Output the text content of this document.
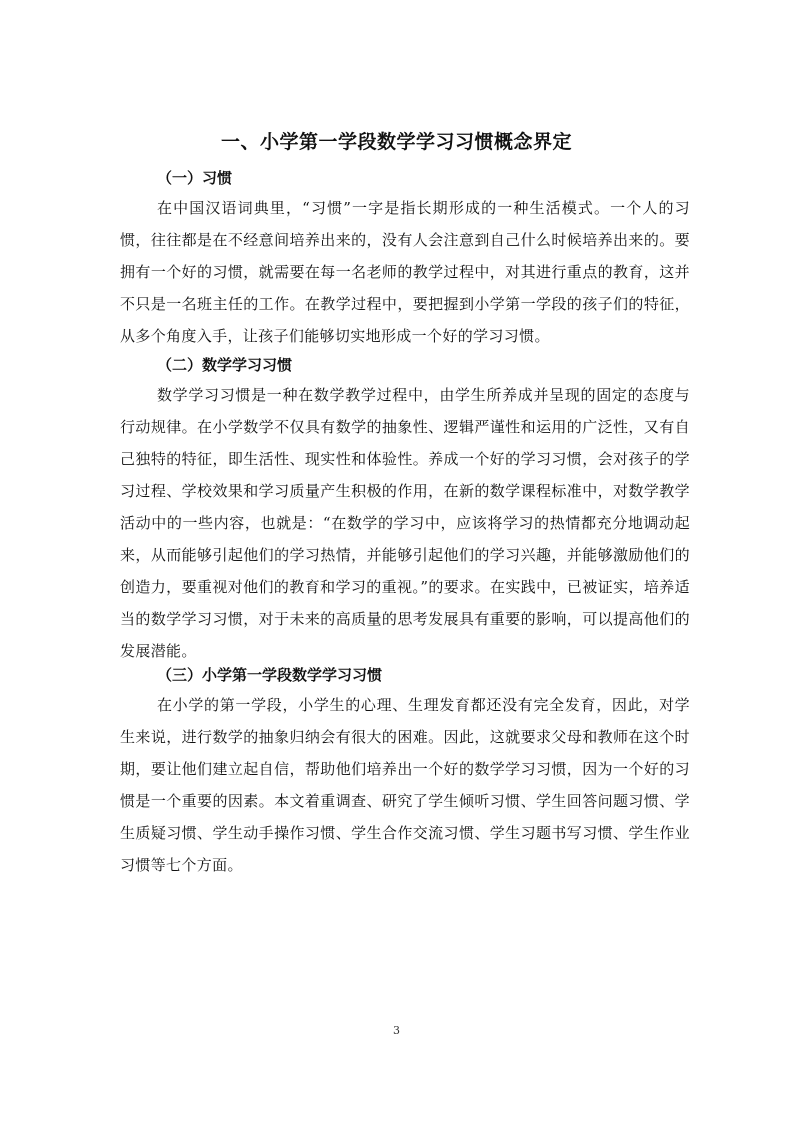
一、小学第一学段数学学习习惯概念界定
（一）习惯

在中国汉语词典里，“习惯”一字是指长期形成的一种生活模式。一个人的习惯，往往都是在不经意间培养出来的，没有人会注意到自己什么时候培养出来的。要拥有一个好的习惯，就需要在每一名老师的教学过程中，对其进行重点的教育，这并不只是一名班主任的工作。在教学过程中，要把握到小学第一学段的孩子们的特征，从多个角度入手，让孩子们能够切实地形成一个好的学习习惯。

（二）数学学习习惯

数学学习习惯是一种在数学教学过程中，由学生所养成并呈现的固定的态度与行动规律。在小学数学不仅具有数学的抽象性、逻辑严谨性和运用的广泛性，又有自己独特的特征，即生活性、现实性和体验性。养成一个好的学习习惯，会对孩子的学习过程、学校效果和学习质量产生积极的作用，在新的数学课程标准中，对数学教学活动中的一些内容，也就是：“在数学的学习中，应该将学习的热情都充分地调动起来，从而能够引起他们的学习热情，并能够引起他们的学习兴趣，并能够激励他们的创造力，要重视对他们的教育和学习的重视。”的要求。在实践中，已被证实，培养适当的数学学习习惯，对于未来的高质量的思考发展具有重要的影响，可以提高他们的发展潜能。

（三）小学第一学段数学学习习惯

在小学的第一学段，小学生的心理、生理发育都还没有完全发育，因此，对学生来说，进行数学的抽象归纳会有很大的困难。因此，这就要求父母和教师在这个时期，要让他们建立起自信，帮助他们培养出一个好的数学学习习惯，因为一个好的习惯是一个重要的因素。本文着重调查、研究了学生倾听习惯、学生回答问题习惯、学生质疑习惯、学生动手操作习惯、学生合作交流习惯、学生习题书写习惯、学生作业习惯等七个方面。

3
